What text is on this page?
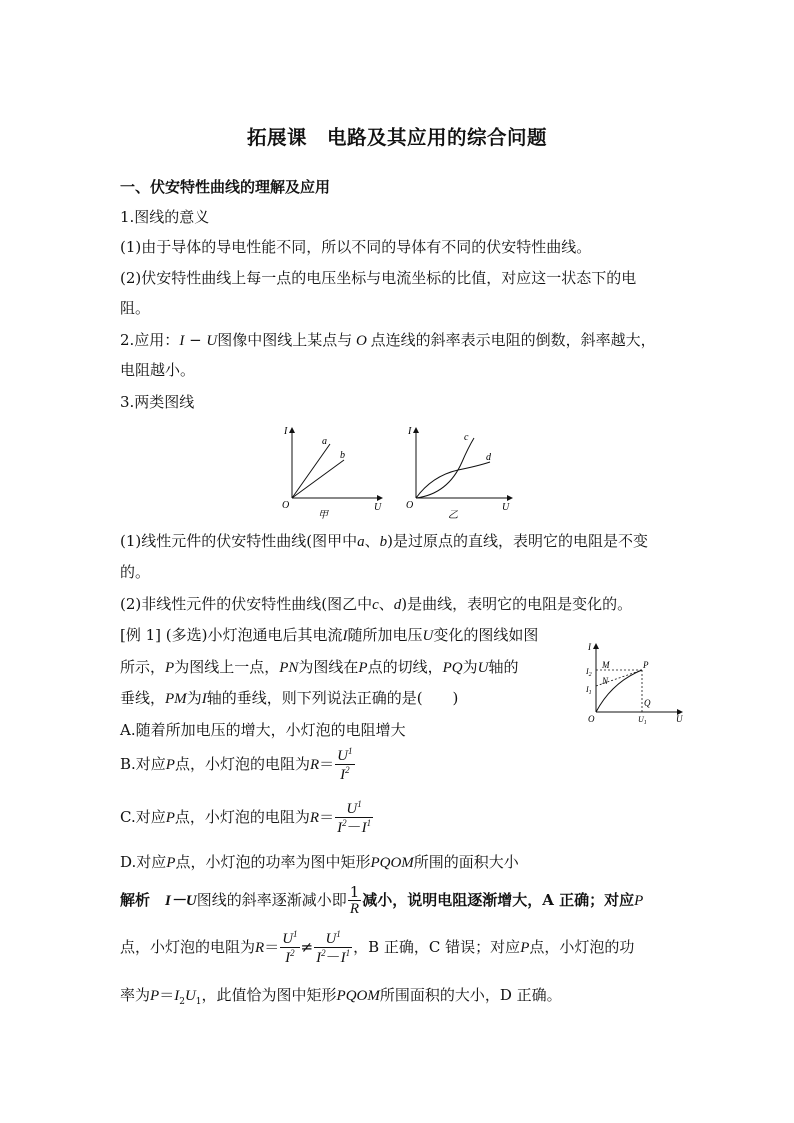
拓展课　电路及其应用的综合问题
一、伏安特性曲线的理解及应用
1.图线的意义
(1)由于导体的导电性能不同，所以不同的导体有不同的伏安特性曲线。
(2)伏安特性曲线上每一点的电压坐标与电流坐标的比值，对应这一状态下的电
阻。
2.应用：I − U图像中图线上某点与 O 点连线的斜率表示电阻的倒数，斜率越大，
电阻越小。
3.两类图线
I
U
O
a
b
甲
I
U
O
c
d
乙
(1)线性元件的伏安特性曲线(图甲中a、b)是过原点的直线，表明它的电阻是不变
的。
(2)非线性元件的伏安特性曲线(图乙中c、d)是曲线，表明它的电阻是变化的。
[例 1] (多选)小灯泡通电后其电流I随所加电压U变化的图线如图
所示，P为图线上一点，PN为图线在P点的切线，PQ为U轴的
垂线，PM为I轴的垂线，则下列说法正确的是(　　)
I
U
O
$I_2$
$I_1$
$U_1$
M
N
P
Q
A.随着所加电压的增大，小灯泡的电阻增大
B.对应P点，小灯泡的电阻为$R= \frac{U^1}{I^2}$
C.对应P点，小灯泡的电阻为$R= \frac{U^1}{I^2-I^1}$
D.对应P点，小灯泡的功率为图中矩形PQOM所围的面积大小
解析　 I－U图线的斜率逐渐减小即 $\frac{1}{R}$ 减小，说明电阻逐渐增大，A 正确；对应P
点，小灯泡的电阻为$R= \frac{U^1}{I^2} \ne \frac{U^1}{I^2-I^1}$ ，B 正确，C 错误；对应P点，小灯泡的功
率为$P=I_2U_1$，此值恰为图中矩形PQOM所围面积的大小，D 正确。
